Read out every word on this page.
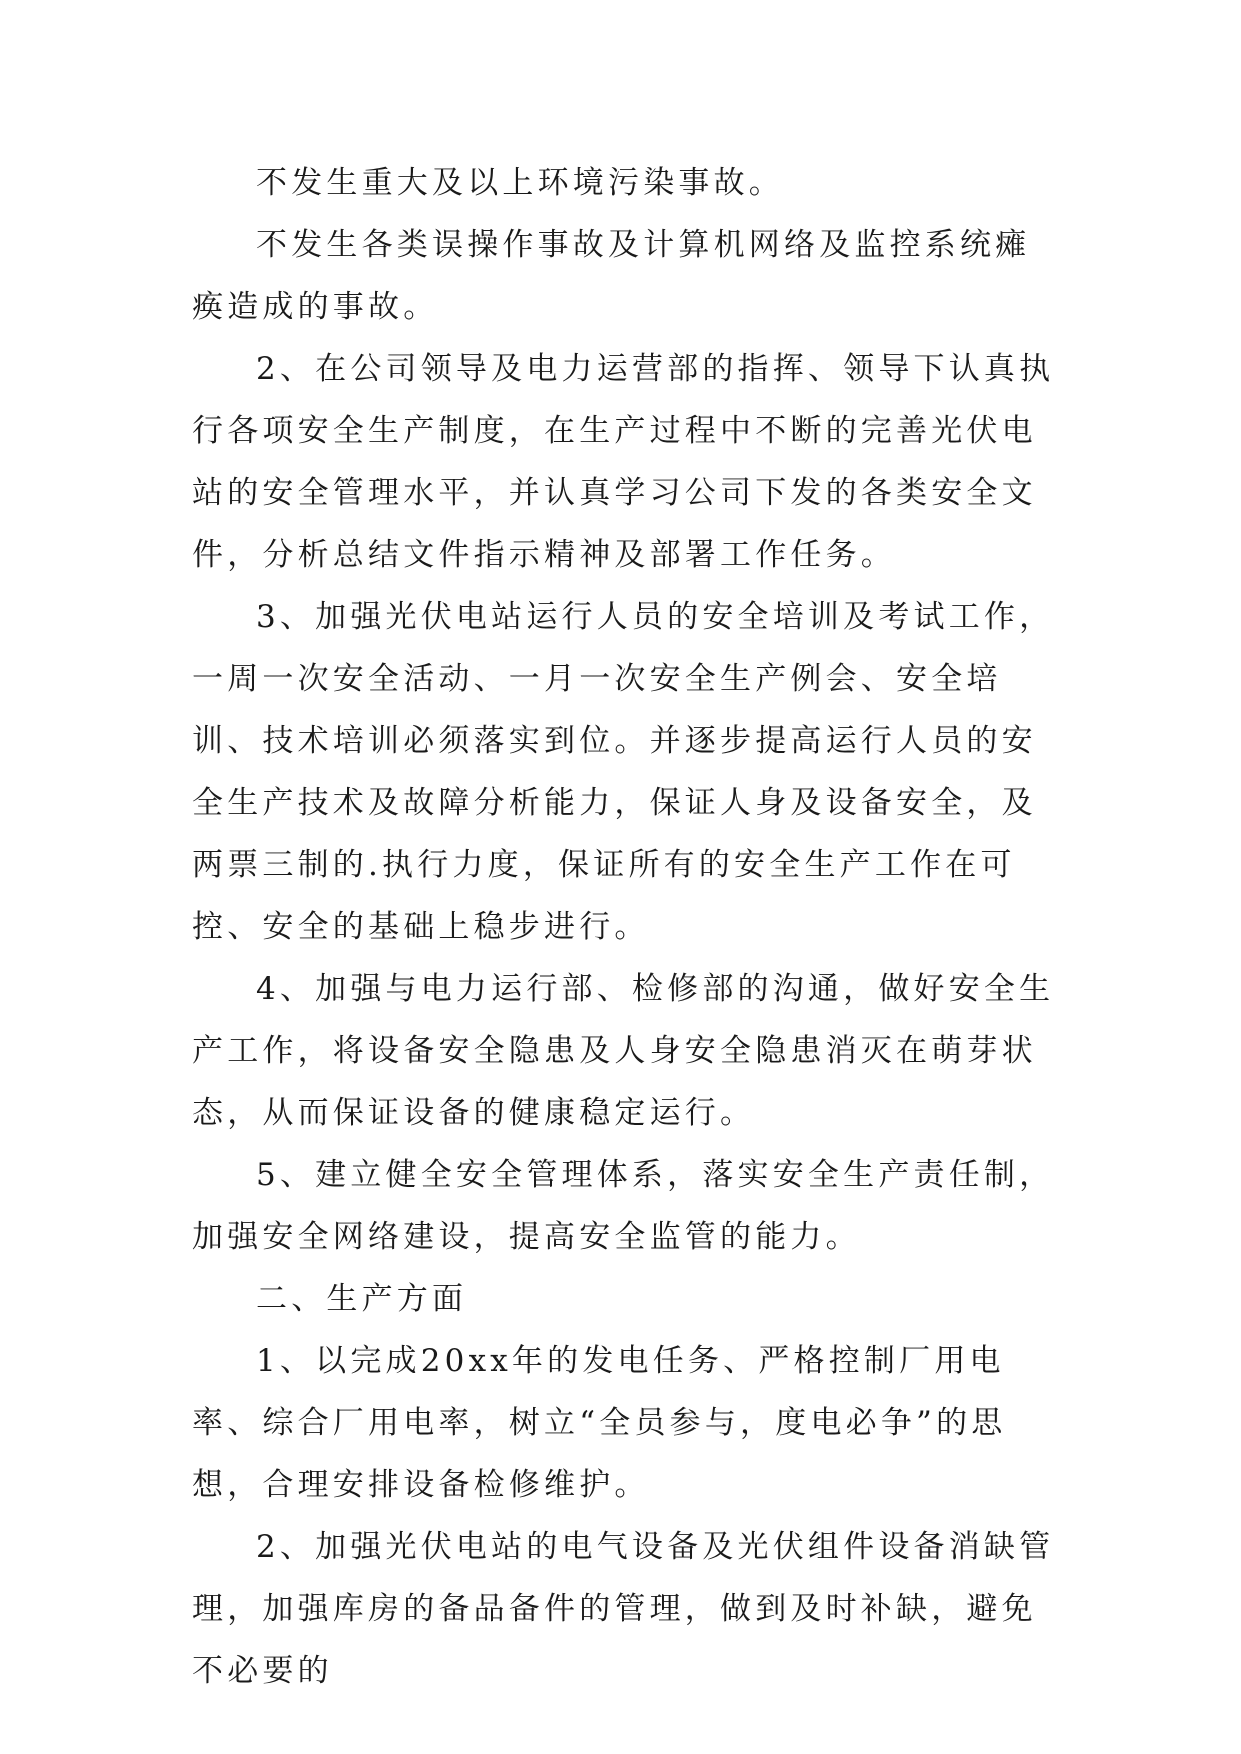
不发生重大及以上环境污染事故。

不发生各类误操作事故及计算机网络及监控系统瘫痪造成的事故。

2、在公司领导及电力运营部的指挥、领导下认真执行各项安全生产制度，在生产过程中不断的完善光伏电站的安全管理水平，并认真学习公司下发的各类安全文件，分析总结文件指示精神及部署工作任务。

3、加强光伏电站运行人员的安全培训及考试工作，一周一次安全活动、一月一次安全生产例会、安全培训、技术培训必须落实到位。并逐步提高运行人员的安全生产技术及故障分析能力，保证人身及设备安全，及两票三制的.执行力度，保证所有的安全生产工作在可控、安全的基础上稳步进行。

4、加强与电力运行部、检修部的沟通，做好安全生产工作，将设备安全隐患及人身安全隐患消灭在萌芽状态，从而保证设备的健康稳定运行。

5、建立健全安全管理体系，落实安全生产责任制，加强安全网络建设，提高安全监管的能力。

二、生产方面

1、以完成20xx年的发电任务、严格控制厂用电率、综合厂用电率，树立“全员参与，度电必争”的思想，合理安排设备检修维护。

2、加强光伏电站的电气设备及光伏组件设备消缺管理，加强库房的备品备件的管理，做到及时补缺，避免不必要的
